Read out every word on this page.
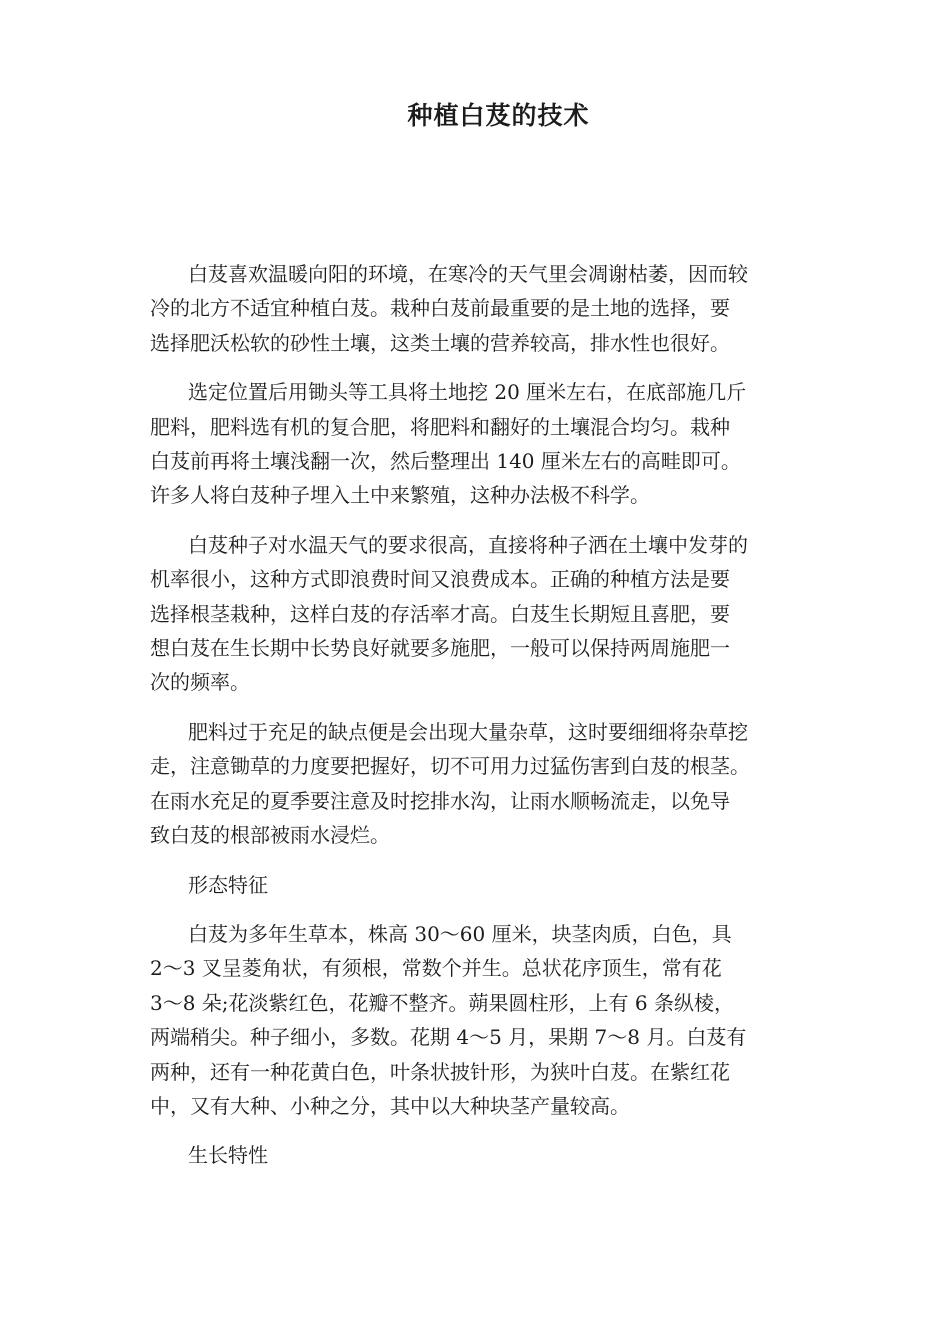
种植白芨的技术
白芨喜欢温暖向阳的环境，在寒冷的天气里会凋谢枯萎，因而较
冷的北方不适宜种植白芨。栽种白芨前最重要的是土地的选择，要
选择肥沃松软的砂性土壤，这类土壤的营养较高，排水性也很好。
选定位置后用锄头等工具将土地挖 20 厘米左右，在底部施几斤
肥料，肥料选有机的复合肥，将肥料和翻好的土壤混合均匀。栽种
白芨前再将土壤浅翻一次，然后整理出 140 厘米左右的高畦即可。
许多人将白芨种子埋入土中来繁殖，这种办法极不科学。
白芨种子对水温天气的要求很高，直接将种子洒在土壤中发芽的
机率很小，这种方式即浪费时间又浪费成本。正确的种植方法是要
选择根茎栽种，这样白芨的存活率才高。白芨生长期短且喜肥，要
想白芨在生长期中长势良好就要多施肥，一般可以保持两周施肥一
次的频率。
肥料过于充足的缺点便是会出现大量杂草，这时要细细将杂草挖
走，注意锄草的力度要把握好，切不可用力过猛伤害到白芨的根茎。
在雨水充足的夏季要注意及时挖排水沟，让雨水顺畅流走，以免导
致白芨的根部被雨水浸烂。
形态特征
白芨为多年生草本，株高 30～60 厘米，块茎肉质，白色，具
2～3 叉呈菱角状，有须根，常数个并生。总状花序顶生，常有花
3～8 朵;花淡紫红色，花瓣不整齐。蒴果圆柱形，上有 6 条纵棱，
两端稍尖。种子细小，多数。花期 4～5 月，果期 7～8 月。白芨有
两种，还有一种花黄白色，叶条状披针形，为狭叶白芨。在紫红花
中，又有大种、小种之分，其中以大种块茎产量较高。
生长特性
